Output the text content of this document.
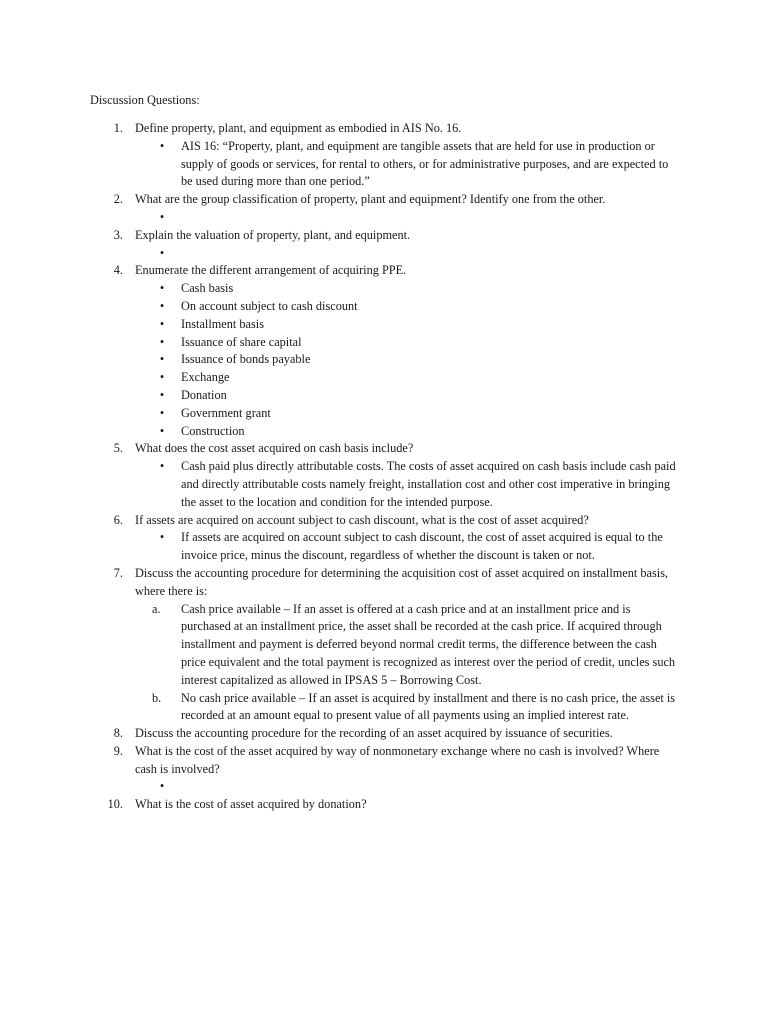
Discussion Questions:
1. Define property, plant, and equipment as embodied in AIS No. 16.
• AIS 16: “Property, plant, and equipment are tangible assets that are held for use in production or supply of goods or services, for rental to others, or for administrative purposes, and are expected to be used during more than one period.”
2. What are the group classification of property, plant and equipment? Identify one from the other.
•
3. Explain the valuation of property, plant, and equipment.
•
4. Enumerate the different arrangement of acquiring PPE.
• Cash basis
• On account subject to cash discount
• Installment basis
• Issuance of share capital
• Issuance of bonds payable
• Exchange
• Donation
• Government grant
• Construction
5. What does the cost asset acquired on cash basis include?
• Cash paid plus directly attributable costs. The costs of asset acquired on cash basis include cash paid and directly attributable costs namely freight, installation cost and other cost imperative in bringing the asset to the location and condition for the intended purpose.
6. If assets are acquired on account subject to cash discount, what is the cost of asset acquired?
• If assets are acquired on account subject to cash discount, the cost of asset acquired is equal to the invoice price, minus the discount, regardless of whether the discount is taken or not.
7. Discuss the accounting procedure for determining the acquisition cost of asset acquired on installment basis, where there is:
a. Cash price available – If an asset is offered at a cash price and at an installment price and is purchased at an installment price, the asset shall be recorded at the cash price. If acquired through installment and payment is deferred beyond normal credit terms, the difference between the cash price equivalent and the total payment is recognized as interest over the period of credit, uncles such interest capitalized as allowed in IPSAS 5 – Borrowing Cost.
b. No cash price available – If an asset is acquired by installment and there is no cash price, the asset is recorded at an amount equal to present value of all payments using an implied interest rate.
8. Discuss the accounting procedure for the recording of an asset acquired by issuance of securities.
9. What is the cost of the asset acquired by way of nonmonetary exchange where no cash is involved? Where cash is involved?
•
10. What is the cost of asset acquired by donation?
